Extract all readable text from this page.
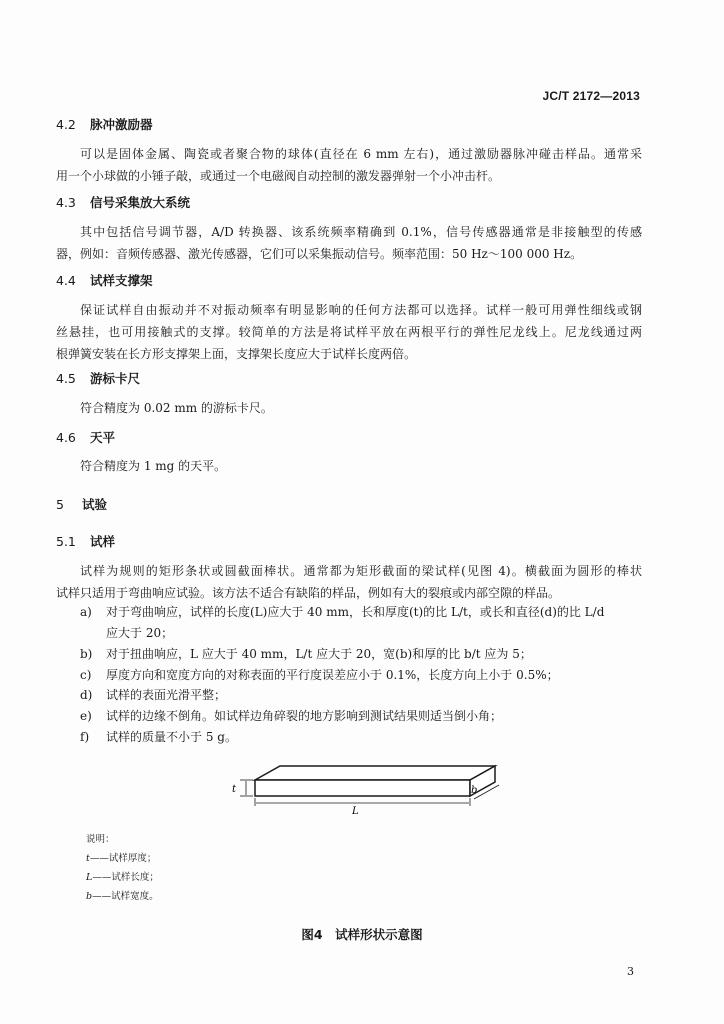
JC/T 2172—2013
4.2 脉冲激励器
可以是固体金属、陶瓷或者聚合物的球体(直径在 6 mm 左右)，通过激励器脉冲碰击样品。通常采
用一个小球做的小锤子敲，或通过一个电磁阀自动控制的激发器弹射一个小冲击杆。
4.3 信号采集放大系统
其中包括信号调节器，A/D 转换器、该系统频率精确到 0.1%，信号传感器通常是非接触型的传感
器，例如：音频传感器、激光传感器，它们可以采集振动信号。频率范围：50 Hz～100 000 Hz。
4.4 试样支撑架
保证试样自由振动并不对振动频率有明显影响的任何方法都可以选择。试样一般可用弹性细线或钢
丝悬挂，也可用接触式的支撑。较简单的方法是将试样平放在两根平行的弹性尼龙线上。尼龙线通过两
根弹簧安装在长方形支撑架上面，支撑架长度应大于试样长度两倍。
4.5 游标卡尺
符合精度为 0.02 mm 的游标卡尺。
4.6 天平
符合精度为 1 mg 的天平。
5 试验
5.1 试样
试样为规则的矩形条状或圆截面棒状。通常都为矩形截面的梁试样(见图 4)。横截面为圆形的棒状
试样只适用于弯曲响应试验。该方法不适合有缺陷的样品，例如有大的裂痕或内部空隙的样品。
a) 对于弯曲响应，试样的长度(L)应大于 40 mm，长和厚度(t)的比 L/t，或长和直径(d)的比 L/d
应大于 20；
b) 对于扭曲响应，L 应大于 40 mm，L/t 应大于 20，宽(b)和厚的比 b/t 应为 5；
c) 厚度方向和宽度方向的对称表面的平行度误差应小于 0.1%，长度方向上小于 0.5%；
d) 试样的表面光滑平整；
e) 试样的边缘不倒角。如试样边角碎裂的地方影响到测试结果则适当倒小角；
f) 试样的质量不小于 5 g。
t
L
b
说明：
t——试样厚度；
L——试样长度；
b——试样宽度。
图4　试样形状示意图
3
